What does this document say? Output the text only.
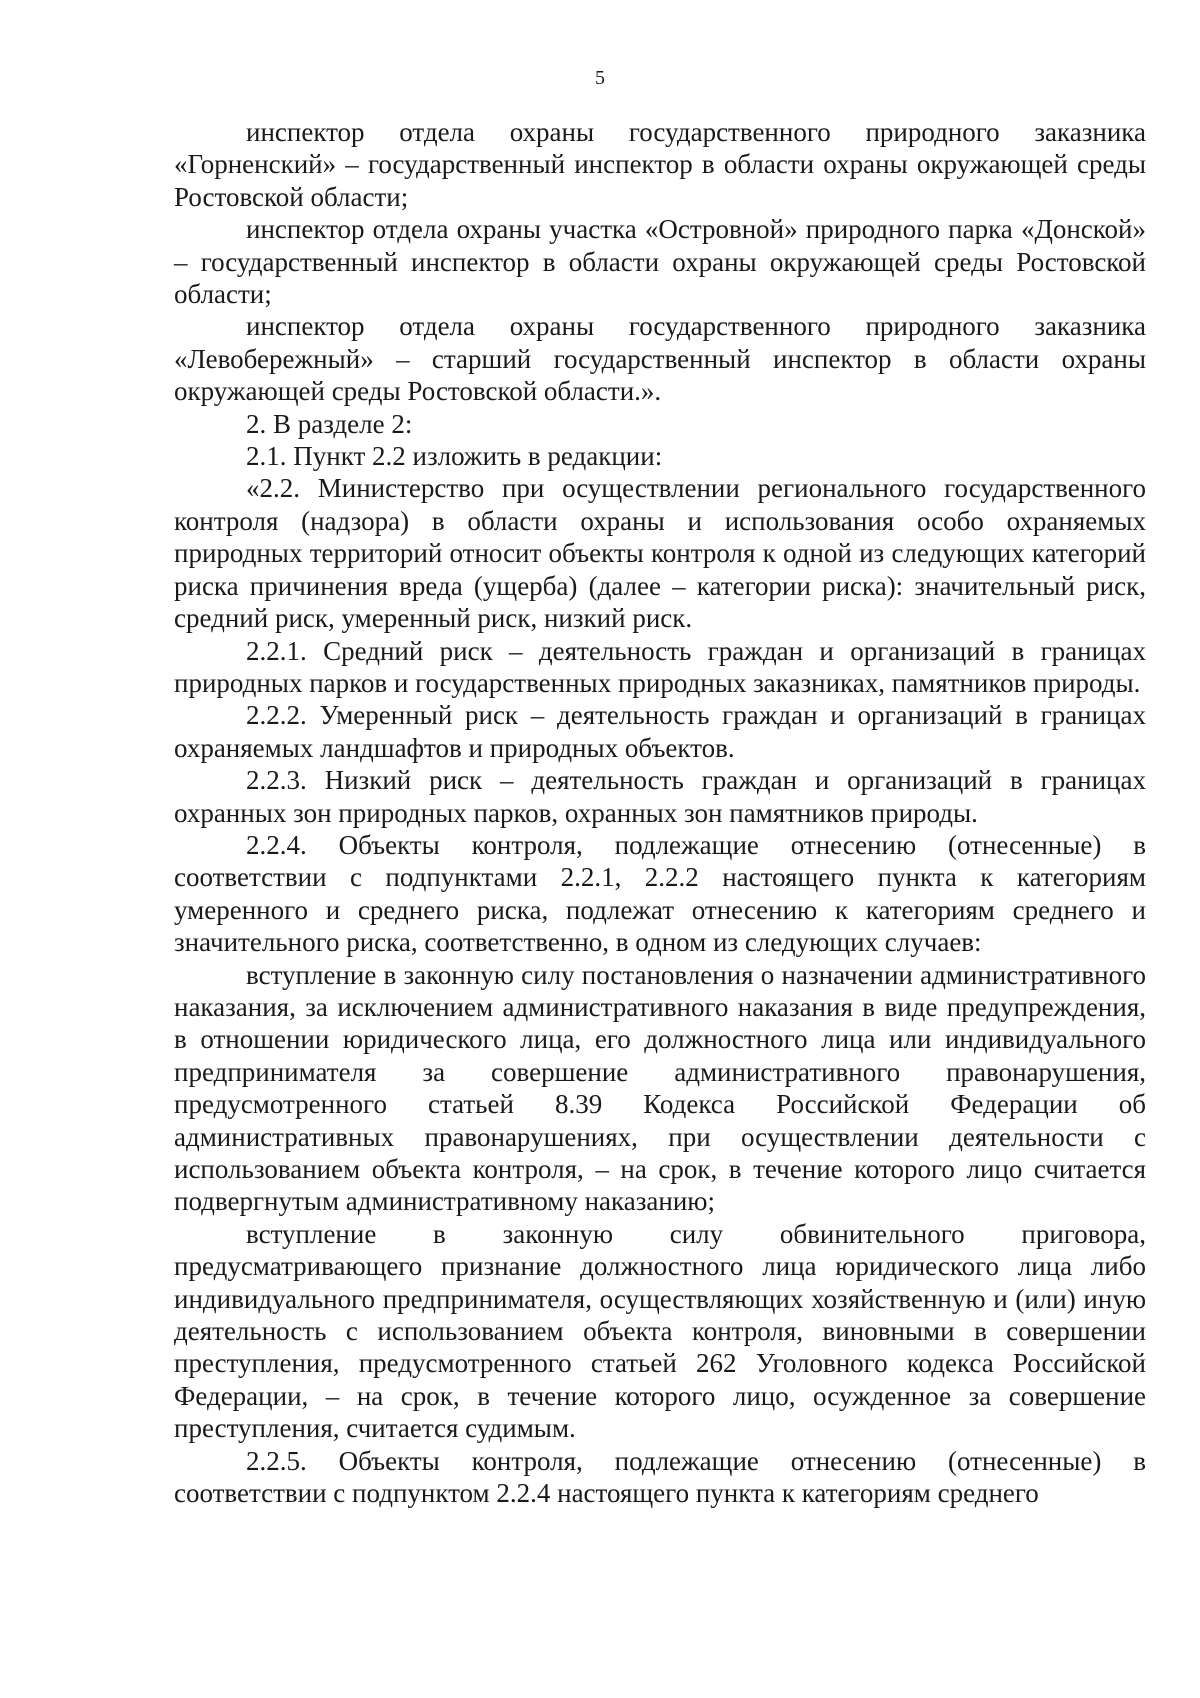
5

инспектор отдела охраны государственного природного заказника «Горненский» – государственный инспектор в области охраны окружающей среды Ростовской области;

инспектор отдела охраны участка «Островной» природного парка «Донской» – государственный инспектор в области охраны окружающей среды Ростовской области;

инспектор отдела охраны государственного природного заказника «Левобережный» – старший государственный инспектор в области охраны окружающей среды Ростовской области.».

2. В разделе 2:

2.1. Пункт 2.2 изложить в редакции:

«2.2. Министерство при осуществлении регионального государственного контроля (надзора) в области охраны и использования особо охраняемых природных территорий относит объекты контроля к одной из следующих категорий риска причинения вреда (ущерба) (далее – категории риска): значительный риск, средний риск, умеренный риск, низкий риск.

2.2.1. Средний риск – деятельность граждан и организаций в границах природных парков и государственных природных заказниках, памятников природы.

2.2.2. Умеренный риск – деятельность граждан и организаций в границах охраняемых ландшафтов и природных объектов.

2.2.3. Низкий риск – деятельность граждан и организаций в границах охранных зон природных парков, охранных зон памятников природы.

2.2.4. Объекты контроля, подлежащие отнесению (отнесенные) в соответствии с подпунктами 2.2.1, 2.2.2 настоящего пункта к категориям умеренного и среднего риска, подлежат отнесению к категориям среднего и значительного риска, соответственно, в одном из следующих случаев:

вступление в законную силу постановления о назначении административного наказания, за исключением административного наказания в виде предупреждения, в отношении юридического лица, его должностного лица или индивидуального предпринимателя за совершение административного правонарушения, предусмотренного статьей 8.39 Кодекса Российской Федерации об административных правонарушениях, при осуществлении деятельности с использованием объекта контроля, – на срок, в течение которого лицо считается подвергнутым административному наказанию;

вступление в законную силу обвинительного приговора, предусматривающего признание должностного лица юридического лица либо индивидуального предпринимателя, осуществляющих хозяйственную и (или) иную деятельность с использованием объекта контроля, виновными в совершении преступления, предусмотренного статьей 262 Уголовного кодекса Российской Федерации, – на срок, в течение которого лицо, осужденное за совершение преступления, считается судимым.

2.2.5. Объекты контроля, подлежащие отнесению (отнесенные) в соответствии с подпунктом 2.2.4 настоящего пункта к категориям среднего
